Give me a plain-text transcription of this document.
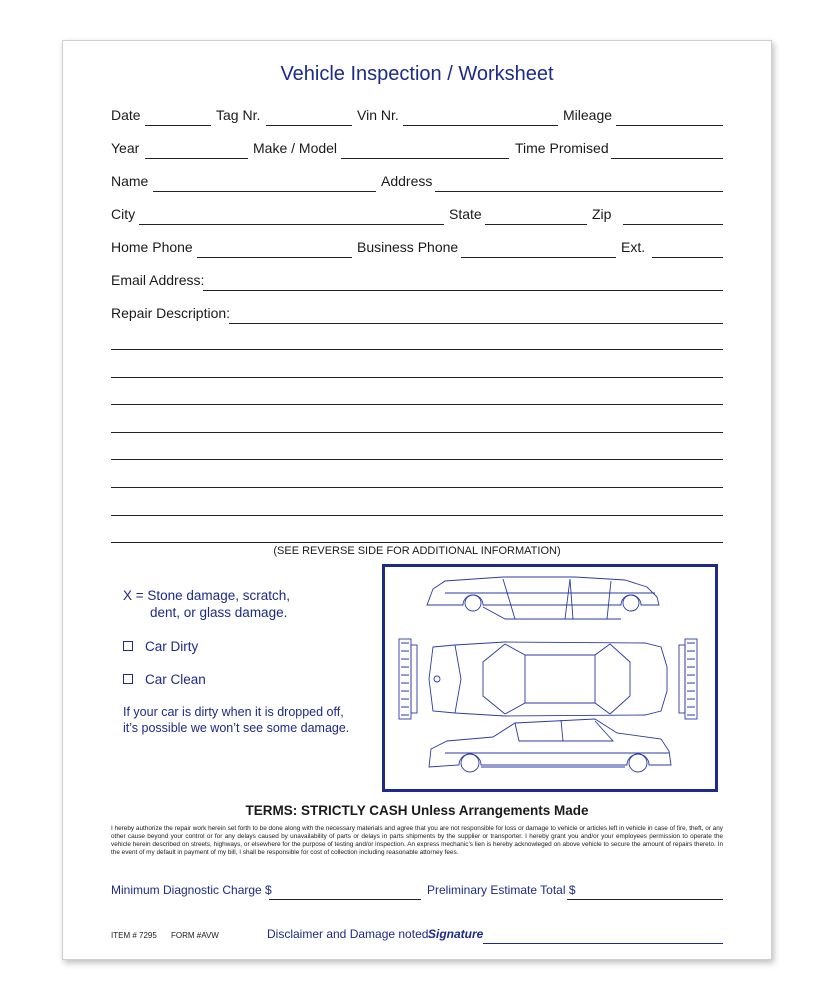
Vehicle Inspection / Worksheet
Date	Tag Nr.	Vin Nr.	Mileage
Year	Make / Model	Time Promised
Name	Address
City	State	Zip
Home Phone	Business Phone	Ext.
Email Address:
Repair Description:
(SEE REVERSE SIDE FOR ADDITIONAL INFORMATION)
X = Stone damage, scratch,
dent, or glass damage.
Car Dirty
Car Clean
If your car is dirty when it is dropped off,
it’s possible we won’t see some damage.
TERMS: STRICTLY CASH Unless Arrangements Made
I hereby authorize the repair work herein set forth to be done along with the necessary materials and agree that you are not responsible for loss or damage to vehicle or articles left in vehicle in case of fire, theft, or any other cause beyond your control or for any delays caused by unavailability of parts or delays in parts shipments by the supplier or transporter. I hereby grant you and/or your employees permission to operate the vehicle herein described on streets, highways, or elsewhere for the purpose of testing and/or inspection. An express mechanic’s lien is hereby acknowleged on above vehicle to secure the amount of repairs thereto. In the event of my default in payment of my bill, I shall be responsible for cost of collection including reasonable attorney fees.
Minimum Diagnostic Charge $	Preliminary Estimate Total $
ITEM # 7295 FORM #AVW	Disclaimer and Damage noted:
Signature
